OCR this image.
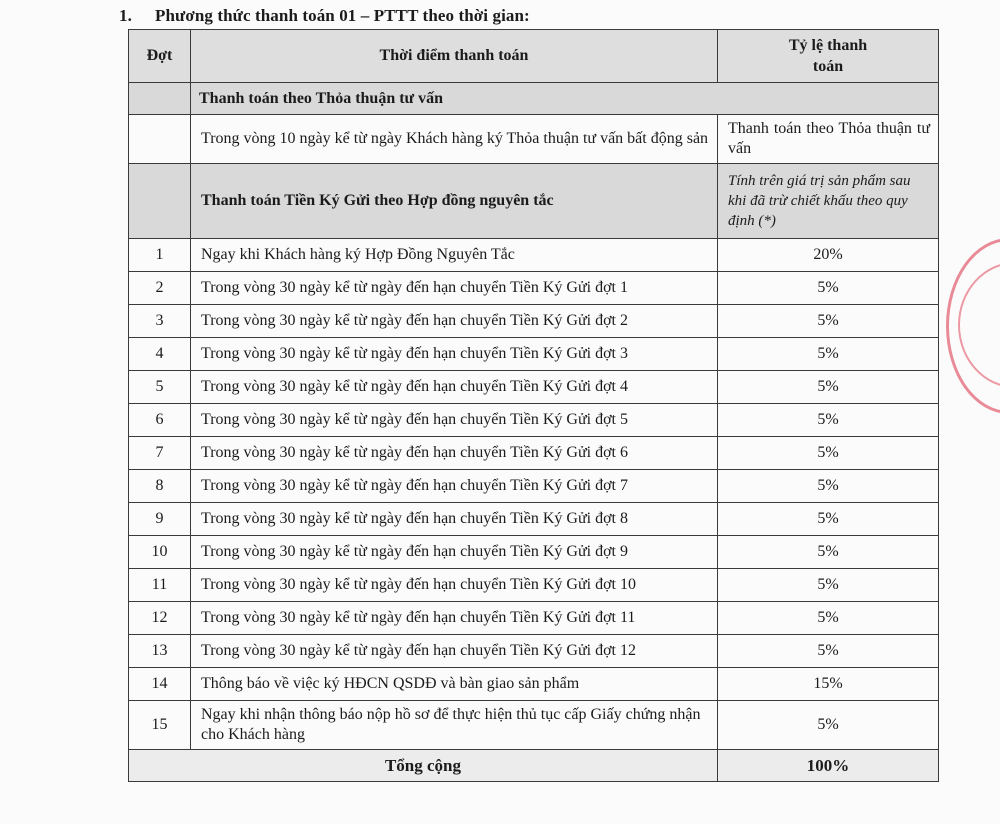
1. Phương thức thanh toán 01 – PTTT theo thời gian:
Đợt	Thời điểm thanh toán	Tỷ lệ thanh toán

	Thanh toán theo Thỏa thuận tư vấn	
	Trong vòng 10 ngày kể từ ngày Khách hàng ký Thỏa thuận tư vấn bất động sản	Thanh toán theo Thỏa thuận tư vấn
	Thanh toán Tiền Ký Gửi theo Hợp đồng nguyên tắc	Tính trên giá trị sản phẩm sau khi đã trừ chiết khấu theo quy định (*)
1	Ngay khi Khách hàng ký Hợp Đồng Nguyên Tắc	20%
2	Trong vòng 30 ngày kể từ ngày đến hạn chuyển Tiền Ký Gửi đợt 1	5%
3	Trong vòng 30 ngày kể từ ngày đến hạn chuyển Tiền Ký Gửi đợt 2	5%
4	Trong vòng 30 ngày kể từ ngày đến hạn chuyển Tiền Ký Gửi đợt 3	5%
5	Trong vòng 30 ngày kể từ ngày đến hạn chuyển Tiền Ký Gửi đợt 4	5%
6	Trong vòng 30 ngày kể từ ngày đến hạn chuyển Tiền Ký Gửi đợt 5	5%
7	Trong vòng 30 ngày kể từ ngày đến hạn chuyển Tiền Ký Gửi đợt 6	5%
8	Trong vòng 30 ngày kể từ ngày đến hạn chuyển Tiền Ký Gửi đợt 7	5%
9	Trong vòng 30 ngày kể từ ngày đến hạn chuyển Tiền Ký Gửi đợt 8	5%
10	Trong vòng 30 ngày kể từ ngày đến hạn chuyển Tiền Ký Gửi đợt 9	5%
11	Trong vòng 30 ngày kể từ ngày đến hạn chuyển Tiền Ký Gửi đợt 10	5%
12	Trong vòng 30 ngày kể từ ngày đến hạn chuyển Tiền Ký Gửi đợt 11	5%
13	Trong vòng 30 ngày kể từ ngày đến hạn chuyển Tiền Ký Gửi đợt 12	5%
14	Thông báo về việc ký HĐCN QSDĐ và bàn giao sản phẩm	15%
15	Ngay khi nhận thông báo nộp hồ sơ để thực hiện thủ tục cấp Giấy chứng nhận cho Khách hàng	5%
Tổng cộng		100%
